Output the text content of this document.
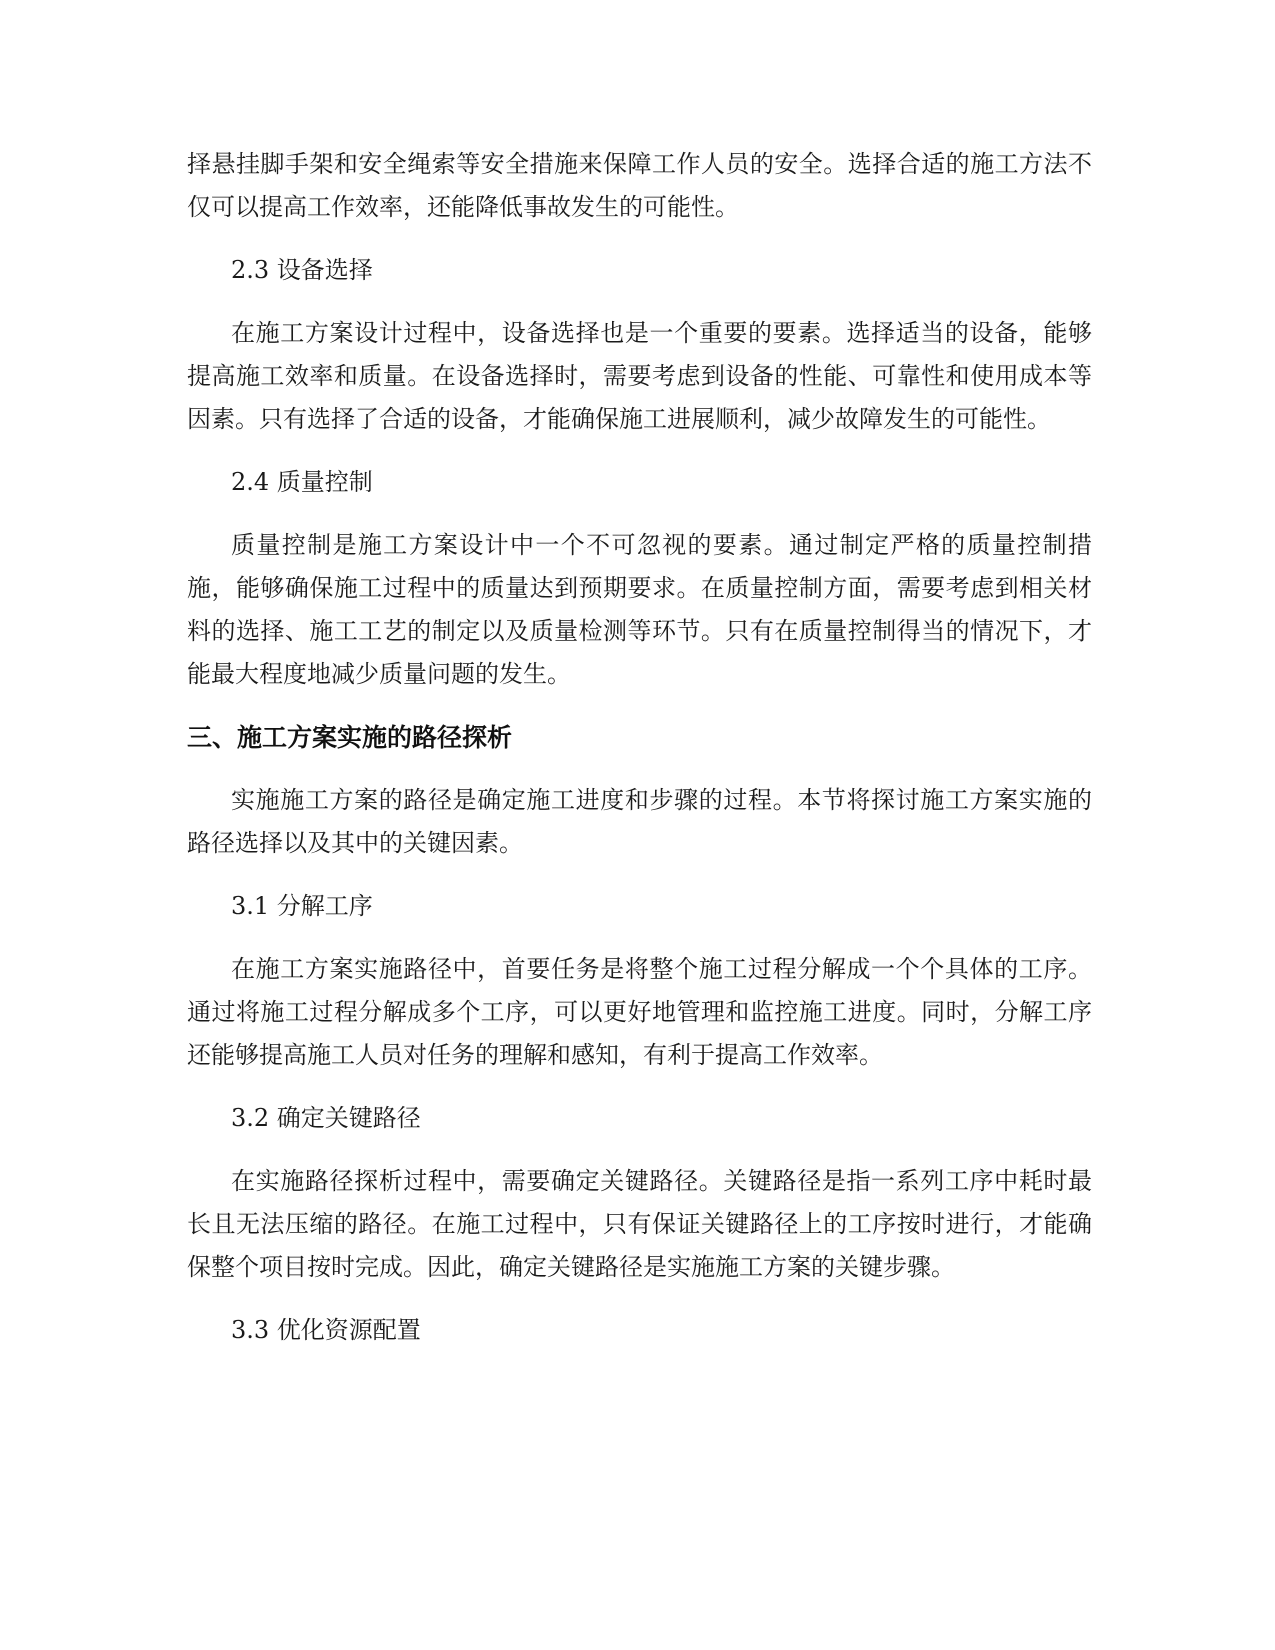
择悬挂脚手架和安全绳索等安全措施来保障工作人员的安全。选择合适的施工方法不仅可以提高工作效率，还能降低事故发生的可能性。

2.3 设备选择

在施工方案设计过程中，设备选择也是一个重要的要素。选择适当的设备，能够提高施工效率和质量。在设备选择时，需要考虑到设备的性能、可靠性和使用成本等因素。只有选择了合适的设备，才能确保施工进展顺利，减少故障发生的可能性。

2.4 质量控制

质量控制是施工方案设计中一个不可忽视的要素。通过制定严格的质量控制措施，能够确保施工过程中的质量达到预期要求。在质量控制方面，需要考虑到相关材料的选择、施工工艺的制定以及质量检测等环节。只有在质量控制得当的情况下，才能最大程度地减少质量问题的发生。

三、施工方案实施的路径探析

实施施工方案的路径是确定施工进度和步骤的过程。本节将探讨施工方案实施的路径选择以及其中的关键因素。

3.1 分解工序

在施工方案实施路径中，首要任务是将整个施工过程分解成一个个具体的工序。通过将施工过程分解成多个工序，可以更好地管理和监控施工进度。同时，分解工序还能够提高施工人员对任务的理解和感知，有利于提高工作效率。

3.2 确定关键路径

在实施路径探析过程中，需要确定关键路径。关键路径是指一系列工序中耗时最长且无法压缩的路径。在施工过程中，只有保证关键路径上的工序按时进行，才能确保整个项目按时完成。因此，确定关键路径是实施施工方案的关键步骤。

3.3 优化资源配置
